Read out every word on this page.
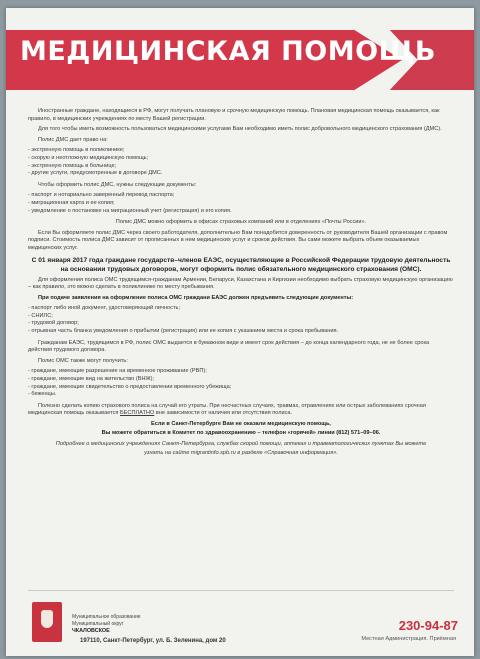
МЕДИЦИНСКАЯ ПОМОЩЬ

Иностранные граждане, находящиеся в РФ, могут получать плановую и срочную медицинскую помощь. Плановая медицинская помощь оказывается, как правило, в медицинских учреждениях по месту Вашей регистрации.

Для того чтобы иметь возможность пользоваться медицинскими услугами Вам необходимо иметь полис добровольного медицинского страхования (ДМС).

Полис ДМС дает право на:

- экстренную помощь в поликлинике;
- скорую и неотложную медицинскую помощь;
- экстренную помощь в больнице;
- другие услуги, предусмотренные в договоре ДМС.

Чтобы оформить полис ДМС, нужны следующие документы:

- паспорт и нотариально заверенный перевод паспорта;
- миграционная карта и ее копия;
- уведомление о постановке на миграционный учет (регистрация) и его копия.

Полис ДМС можно оформить в офисах страховых компаний или в отделениях «Почты России».

Если Вы оформляете полис ДМС через своего работодателя, дополнительно Вам понадобится доверенность от руководителя Вашей организации с правом подписи. Стоимость полиса ДМС зависит от прописанных в нем медицинских услуг и сроков действия. Вы сами можете выбрать объем оказываемых медицинских услуг.

С 01 января 2017 года граждане государств–членов ЕАЭС, осуществляющие в Российской Федерации трудовую деятельность на основании трудовых договоров, могут оформить полис обязательного медицинского страхования (ОМС).

Для оформления полиса ОМС трудящимся-гражданам Армении, Беларуси, Казахстана и Киргизии необходимо выбрать страховую медицинскую организацию – как правило, это можно сделать в поликлинике по месту пребывания.

При подаче заявления на оформление полиса ОМС граждани ЕАЭС должен предъявить следующие документы:

- паспорт либо иной документ, удостоверяющий личность;
- СНИЛС;
- трудовой договор;
- отрывная часть бланка уведомления о прибытии (регистрация) или ее копия с указанием места и срока пребывания.

Гражданам ЕАЭС, трудящимся в РФ, полис ОМС выдается в бумажном виде и имеет срок действия – до конца календарного года, не не более срока действия трудового договора.

Полис ОМС также могут получить:

- граждане, имеющие разрешение на временное проживание (РВП);
- граждане, имеющие вид на жительство (ВНЖ);
- граждане, имеющие свидетельство о предоставлении временного убежища;
- беженцы.

Полезно сделать копию страхового полиса на случай его утраты. При несчастных случаях, травмах, отравлениях или острых заболеваниях срочная медицинская помощь оказывается БЕСПЛАТНО вне зависимости от наличия или отсутствия полиса.

Если в Санкт-Петербурге Вам не оказали медицинскую помощь,

Вы можете обратиться в Комитет по здравоохранению – телефон «горячей» линии (812) 571–09–06.

Подробнее о медицинских учреждениях Санкт-Петербурга, службах скорой помощи, аптеках и травматологических пунктах Вы можете

узнать на сайте migrantinfo.spb.ru в разделе «Справочная информация».

Муниципальное образование
Муниципальный округ
ЧКАЛОВСКОЕ
197110, Санкт-Петербург, ул. Б. Зеленина, дом 20
230-94-87
Местная Администрация. Приёмная
